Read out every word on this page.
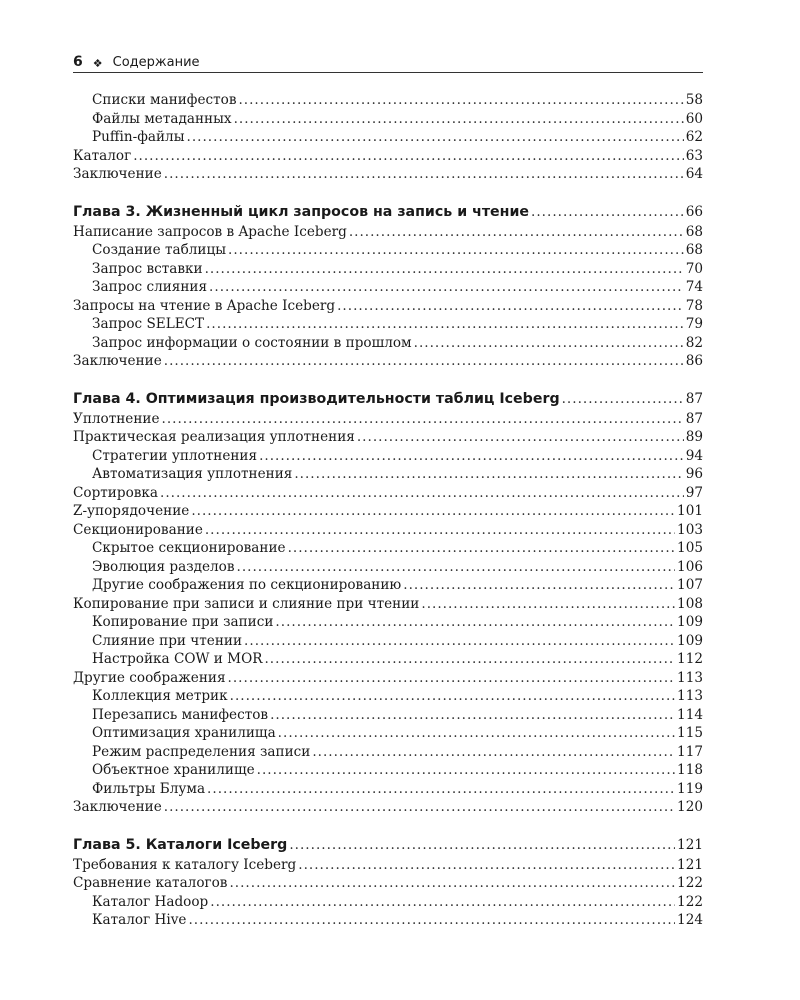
6 ❖ Содержание
Списки манифестов .....	58
Файлы метаданных .....	60
Puffin-файлы .....	62
Каталог .....	63
Заключение .....	64
Глава 3. Жизненный цикл запросов на запись и чтение .....	66
Написание запросов в Apache Iceberg .....	68
Создание таблицы .....	68
Запрос вставки .....	70
Запрос слияния .....	74
Запросы на чтение в Apache Iceberg .....	78
Запрос SELECT .....	79
Запрос информации о состоянии в прошлом .....	82
Заключение .....	86
Глава 4. Оптимизация производительности таблиц Iceberg .....	87
Уплотнение .....	87
Практическая реализация уплотнения .....	89
Стратегии уплотнения .....	94
Автоматизация уплотнения .....	96
Сортировка .....	97
Z-упорядочение .....	101
Секционирование .....	103
Скрытое секционирование .....	105
Эволюция разделов .....	106
Другие соображения по секционированию .....	107
Копирование при записи и слияние при чтении .....	108
Копирование при записи .....	109
Слияние при чтении .....	109
Настройка COW и MOR .....	112
Другие соображения .....	113
Коллекция метрик .....	113
Перезапись манифестов .....	114
Оптимизация хранилища .....	115
Режим распределения записи .....	117
Объектное хранилище .....	118
Фильтры Блума .....	119
Заключение .....	120
Глава 5. Каталоги Iceberg .....	121
Требования к каталогу Iceberg .....	121
Сравнение каталогов .....	122
Каталог Hadoop .....	122
Каталог Hive .....	124
